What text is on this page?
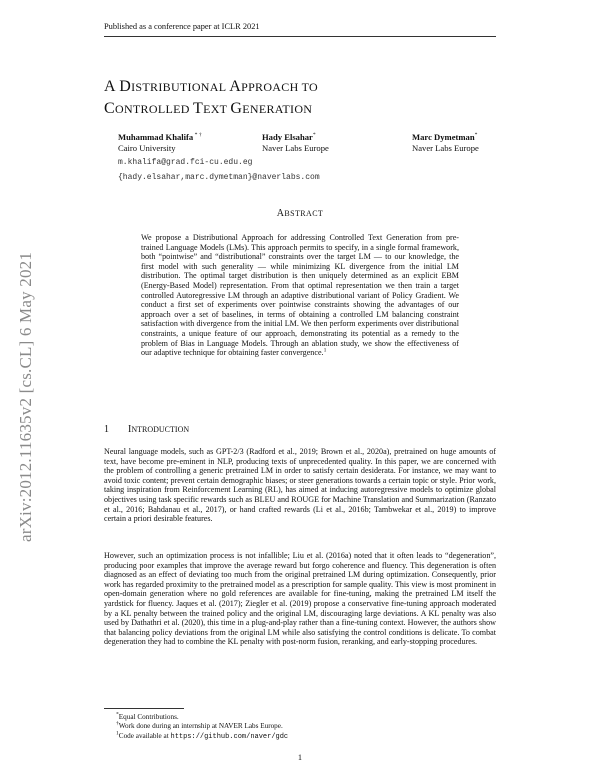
Published as a conference paper at ICLR 2021
arXiv:2012.11635v2 [cs.CL] 6 May 2021
A DISTRIBUTIONAL APPROACH TO
CONTROLLED TEXT GENERATION
Muhammad Khalifa * †
Cairo University
Hady Elsahar*
Naver Labs Europe
Marc Dymetman*
Naver Labs Europe
m.khalifa@grad.fci-cu.edu.eg
{hady.elsahar,marc.dymetman}@naverlabs.com
ABSTRACT

We propose a Distributional Approach for addressing Controlled Text Generation from pre-trained Language Models (LMs). This approach permits to specify, in a single formal framework, both “pointwise” and “distributional” constraints over the target LM — to our knowledge, the first model with such generality — while minimizing KL divergence from the initial LM distribution. The optimal target distribution is then uniquely determined as an explicit EBM (Energy-Based Model) representation. From that optimal representation we then train a target controlled Autoregressive LM through an adaptive distributional variant of Policy Gradient. We conduct a first set of experiments over pointwise constraints showing the advantages of our approach over a set of baselines, in terms of obtaining a controlled LM balancing constraint satisfaction with divergence from the initial LM. We then perform experiments over distributional constraints, a unique feature of our approach, demonstrating its potential as a remedy to the problem of Bias in Language Models. Through an ablation study, we show the effectiveness of our adaptive technique for obtaining faster convergence.$^1$

1 INTRODUCTION

Neural language models, such as GPT-2/3 (Radford et al., 2019; Brown et al., 2020a), pretrained on huge amounts of text, have become pre-eminent in NLP, producing texts of unprecedented quality. In this paper, we are concerned with the problem of controlling a generic pretrained LM in order to satisfy certain desiderata. For instance, we may want to avoid toxic content; prevent certain demographic biases; or steer generations towards a certain topic or style. Prior work, taking inspiration from Reinforcement Learning (RL), has aimed at inducing autoregressive models to optimize global objectives using task specific rewards such as BLEU and ROUGE for Machine Translation and Summarization (Ranzato et al., 2016; Bahdanau et al., 2017), or hand crafted rewards (Li et al., 2016b; Tambwekar et al., 2019) to improve certain a priori desirable features.

However, such an optimization process is not infallible; Liu et al. (2016a) noted that it often leads to “degeneration”, producing poor examples that improve the average reward but forgo coherence and fluency. This degeneration is often diagnosed as an effect of deviating too much from the original pretrained LM during optimization. Consequently, prior work has regarded proximity to the pretrained model as a prescription for sample quality. This view is most prominent in open-domain generation where no gold references are available for fine-tuning, making the pretrained LM itself the yardstick for fluency. Jaques et al. (2017); Ziegler et al. (2019) propose a conservative fine-tuning approach moderated by a KL penalty between the trained policy and the original LM, discouraging large deviations. A KL penalty was also used by Dathathri et al. (2020), this time in a plug-and-play rather than a fine-tuning context. However, the authors show that balancing policy deviations from the original LM while also satisfying the control conditions is delicate. To combat degeneration they had to combine the KL penalty with post-norm fusion, reranking, and early-stopping procedures.

*Equal Contributions.
†Work done during an internship at NAVER Labs Europe.
$^1$Code available at https://github.com/naver/gdc
1
